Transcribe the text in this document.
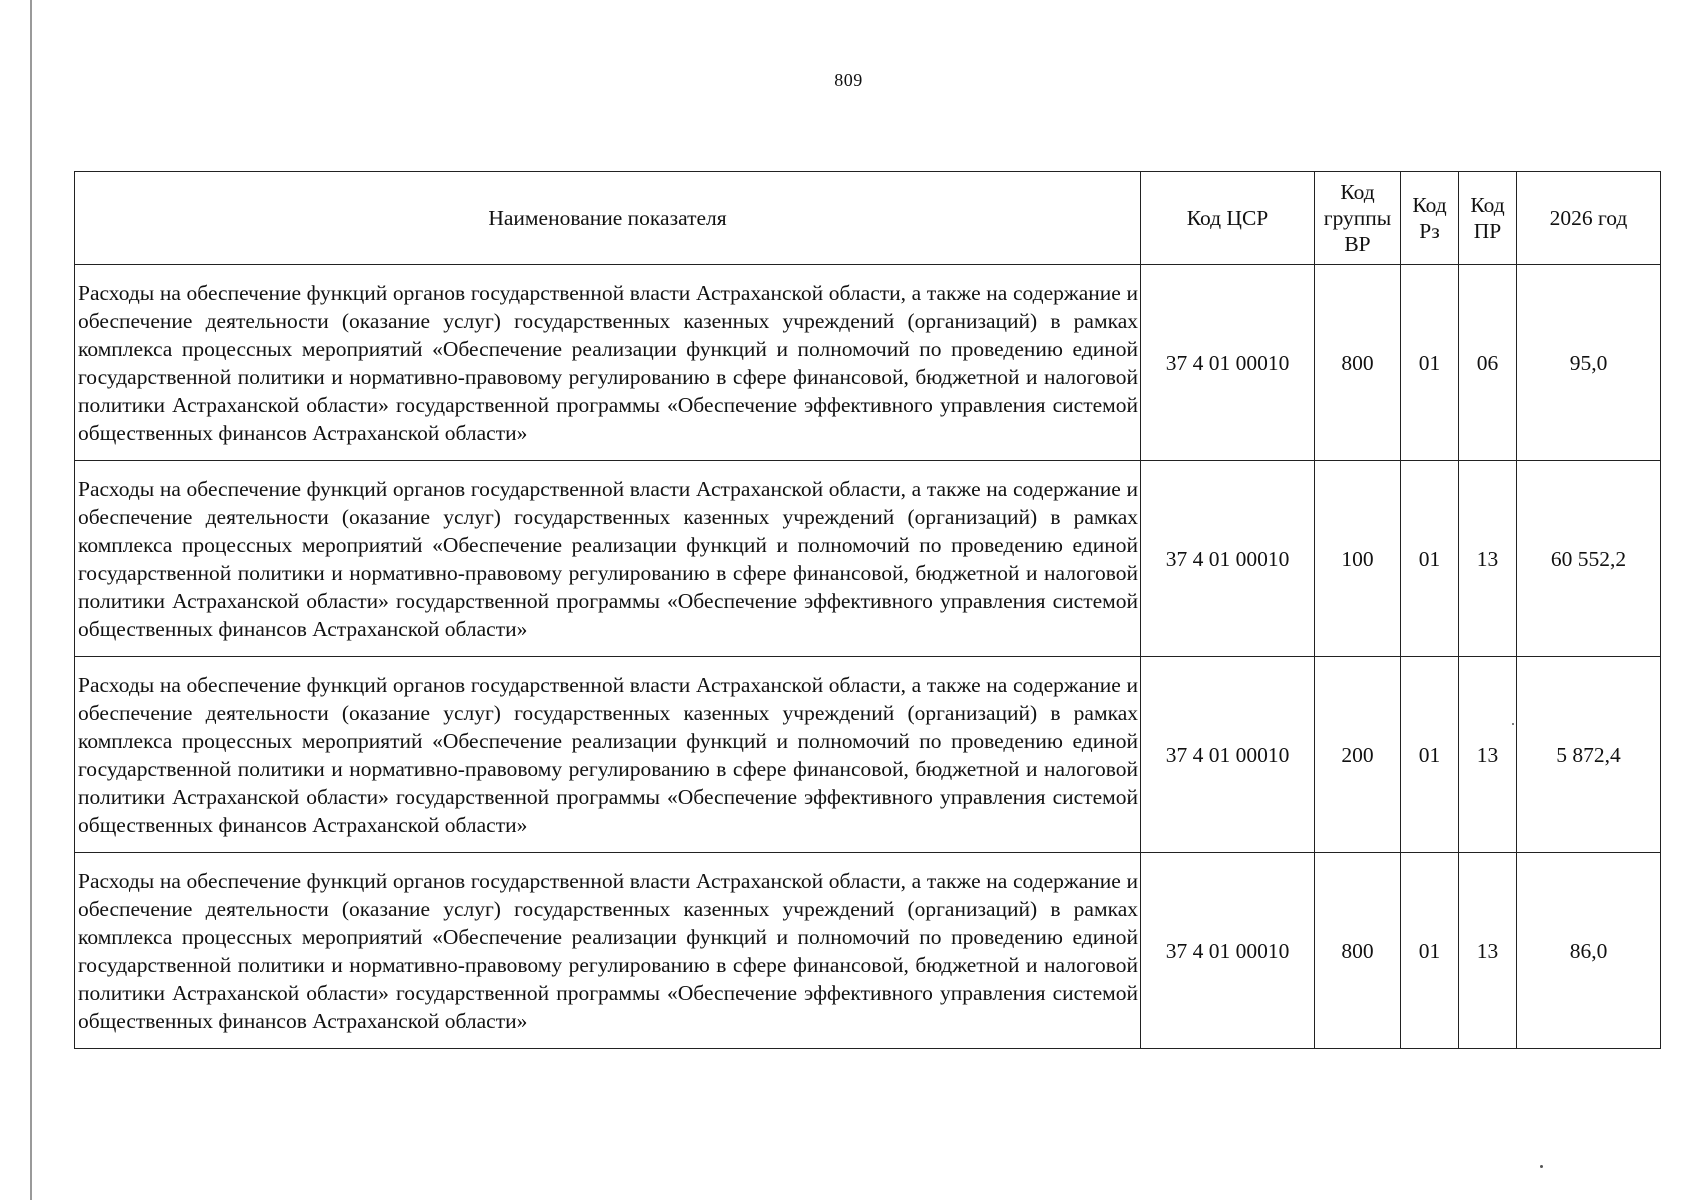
809
Наименование показателя	Код ЦСР	Код группы ВР	Код Рз	Код ПР	2026 год
Расходы на обеспечение функций органов государственной власти Астраханской области, а также на содержание и обеспечение деятельности (оказание услуг) государственных казенных учреждений (организаций) в рамках комплекса процессных мероприятий «Обеспечение реализации функций и полномочий по проведению единой государственной политики и нормативно-правовому регулированию в сфере финансовой, бюджетной и налоговой политики Астраханской области» государственной программы «Обеспечение эффективного управления системой общественных финансов Астраханской области»	37 4 01 00010	800	01	06	95,0
Расходы на обеспечение функций органов государственной власти Астраханской области, а также на содержание и обеспечение деятельности (оказание услуг) государственных казенных учреждений (организаций) в рамках комплекса процессных мероприятий «Обеспечение реализации функций и полномочий по проведению единой государственной политики и нормативно-правовому регулированию в сфере финансовой, бюджетной и налоговой политики Астраханской области» государственной программы «Обеспечение эффективного управления системой общественных финансов Астраханской области»	37 4 01 00010	100	01	13	60 552,2
Расходы на обеспечение функций органов государственной власти Астраханской области, а также на содержание и обеспечение деятельности (оказание услуг) государственных казенных учреждений (организаций) в рамках комплекса процессных мероприятий «Обеспечение реализации функций и полномочий по проведению единой государственной политики и нормативно-правовому регулированию в сфере финансовой, бюджетной и налоговой политики Астраханской области» государственной программы «Обеспечение эффективного управления системой общественных финансов Астраханской области»	37 4 01 00010	200	01	13	5 872,4
Расходы на обеспечение функций органов государственной власти Астраханской области, а также на содержание и обеспечение деятельности (оказание услуг) государственных казенных учреждений (организаций) в рамках комплекса процессных мероприятий «Обеспечение реализации функций и полномочий по проведению единой государственной политики и нормативно-правовому регулированию в сфере финансовой, бюджетной и налоговой политики Астраханской области» государственной программы «Обеспечение эффективного управления системой общественных финансов Астраханской области»	37 4 01 00010	800	01	13	86,0
